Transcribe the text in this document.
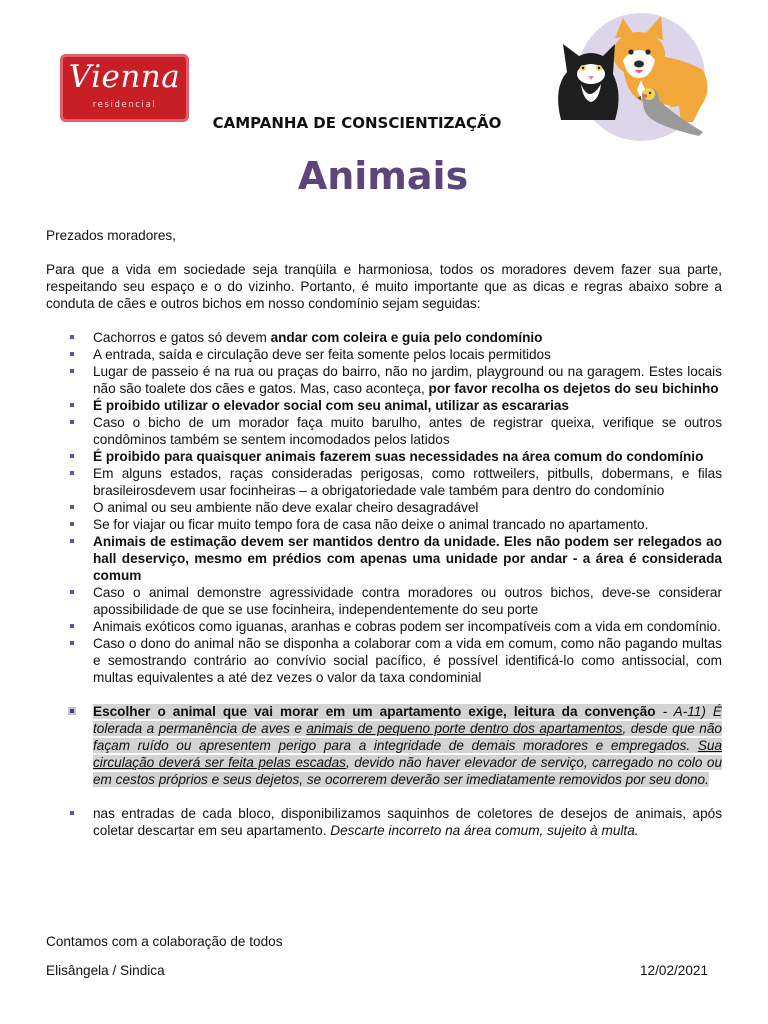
Vienna
residencial
CAMPANHA DE CONSCIENTIZAÇÃO
Animais

Prezados moradores,

Para que a vida em sociedade seja tranqüila e harmoniosa, todos os moradores devem fazer sua parte, respeitando seu espaço e o do vizinho. Portanto, é muito importante que as dicas e regras abaixo sobre a conduta de cães e outros bichos em nosso condomínio sejam seguidas:

Cachorros e gatos só devem andar com coleira e guia pelo condomínio
A entrada, saída e circulação deve ser feita somente pelos locais permitidos
Lugar de passeio é na rua ou praças do bairro, não no jardim, playground ou na garagem. Estes locais não são toalete dos cães e gatos. Mas, caso aconteça, por favor recolha os dejetos do seu bichinho
É proibido utilizar o elevador social com seu animal, utilizar as escararias
Caso o bicho de um morador faça muito barulho, antes de registrar queixa, verifique se outros condôminos também se sentem incomodados pelos latidos
É proibido para quaisquer animais fazerem suas necessidades na área comum do condomínio
Em alguns estados, raças consideradas perigosas, como rottweilers, pitbulls, dobermans, e filas brasileirosdevem usar focinheiras – a obrigatoriedade vale também para dentro do condomínio
O animal ou seu ambiente não deve exalar cheiro desagradável
Se for viajar ou ficar muito tempo fora de casa não deixe o animal trancado no apartamento.
Animais de estimação devem ser mantidos dentro da unidade. Eles não podem ser relegados ao hall deserviço, mesmo em prédios com apenas uma unidade por andar - a área é considerada comum
Caso o animal demonstre agressividade contra moradores ou outros bichos, deve-se considerar apossibilidade de que se use focinheira, independentemente do seu porte
Animais exóticos como iguanas, aranhas e cobras podem ser incompatíveis com a vida em condomínio.
Caso o dono do animal não se disponha a colaborar com a vida em comum, como não pagando multas e semostrando contrário ao convívio social pacífico, é possível identificá-lo como antissocial, com multas equivalentes a até dez vezes o valor da taxa condominial
Escolher o animal que vai morar em um apartamento exige, leitura da convenção - A-11) É tolerada a permanência de aves e animais de pequeno porte dentro dos apartamentos, desde que não façam ruído ou apresentem perigo para a integridade de demais moradores e empregados. Sua circulação deverá ser feita pelas escadas, devido não haver elevador de serviço, carregado no colo ou em cestos próprios e seus dejetos, se ocorrerem deverão ser imediatamente removidos por seu dono.
nas entradas de cada bloco, disponibilizamos saquinhos de coletores de desejos de animais, após coletar descartar em seu apartamento. Descarte incorreto na área comum, sujeito à multa.
Contamos com a colaboração de todos
Elisângela / Sindica	12/02/2021
